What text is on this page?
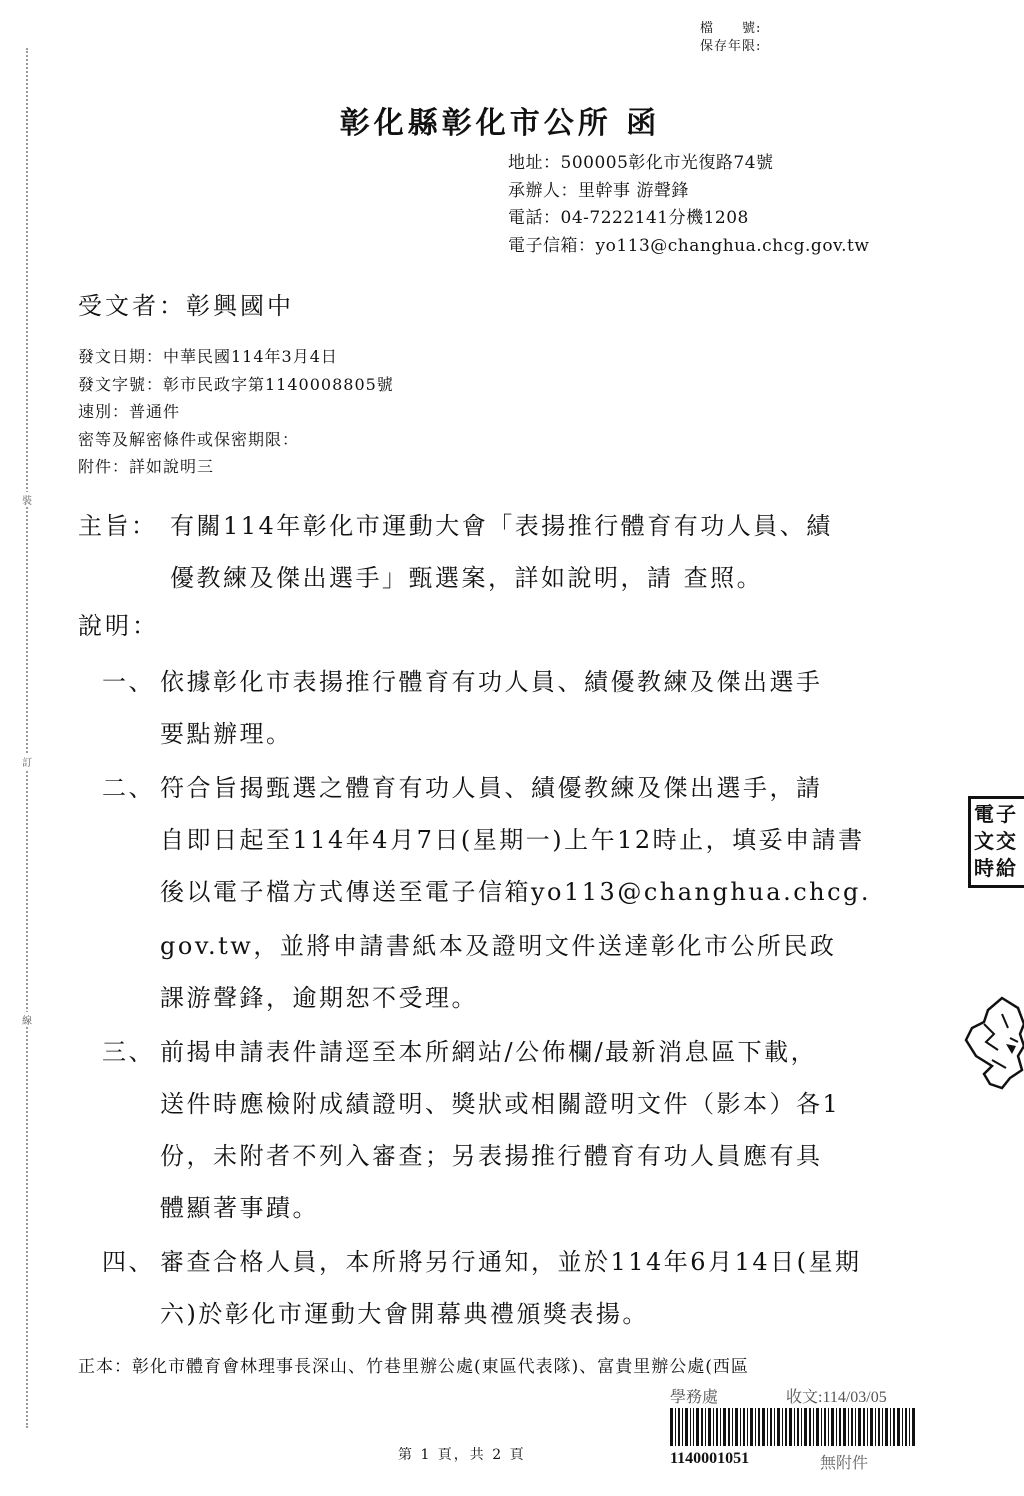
裝
訂
線
檔　　號:
保存年限:
彰化縣彰化市公所 函
地址：500005彰化市光復路74號
承辦人：里幹事 游聲鋒
電話：04-7222141分機1208
電子信箱：yo113@changhua.chcg.gov.tw
受文者：彰興國中
發文日期：中華民國114年3月4日
發文字號：彰市民政字第1140008805號
速別：普通件
密等及解密條件或保密期限：
附件：詳如說明三
主旨： 有關114年彰化市運動大會「表揚推行體育有功人員、績
優教練及傑出選手」甄選案，詳如說明，請 查照。
說明：
一、 依據彰化市表揚推行體育有功人員、績優教練及傑出選手
要點辦理。
二、 符合旨揭甄選之體育有功人員、績優教練及傑出選手，請
自即日起至114年4月7日(星期一)上午12時止，填妥申請書
後以電子檔方式傳送至電子信箱yo113@changhua.chcg.
gov.tw，並將申請書紙本及證明文件送達彰化市公所民政
課游聲鋒，逾期恕不受理。
三、 前揭申請表件請逕至本所網站/公佈欄/最新消息區下載，
送件時應檢附成績證明、獎狀或相關證明文件（影本）各1
份，未附者不列入審查；另表揚推行體育有功人員應有具
體顯著事蹟。
四、 審查合格人員，本所將另行通知，並於114年6月14日(星期
六)於彰化市運動大會開幕典禮頒獎表揚。
正本：彰化市體育會林理事長深山、竹巷里辦公處(東區代表隊)、富貴里辦公處(西區
第 1 頁，共 2 頁
學務處	收文:114/03/05
1140001051	無附件
電
文
時
子
交
給
